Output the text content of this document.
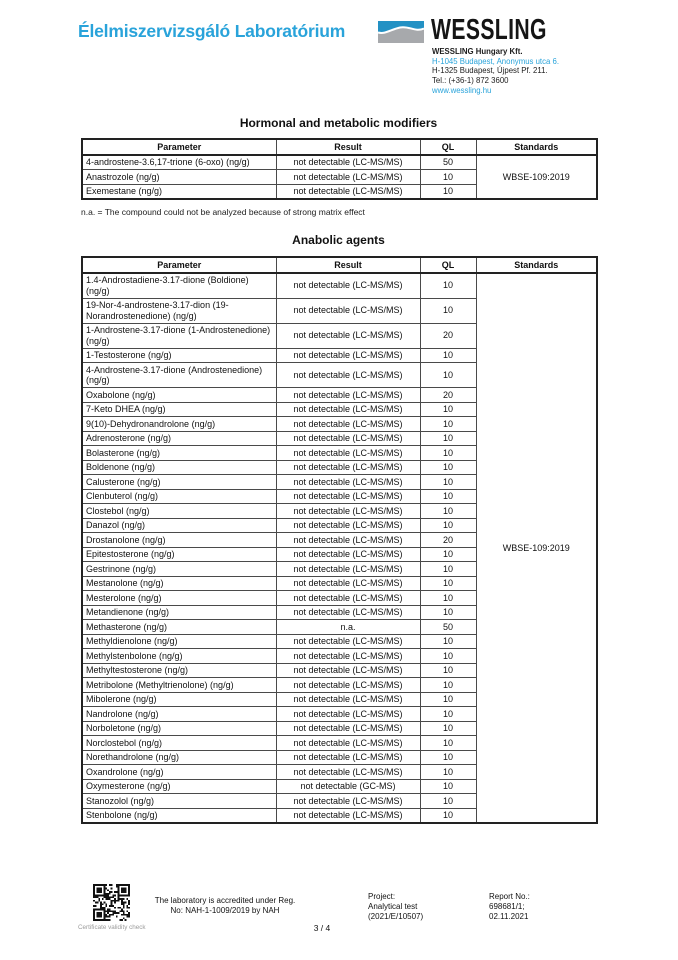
Élelmiszervizsgáló Laboratórium	WESSLING
WESSLING Hungary Kft.
H-1045 Budapest, Anonymus utca 6.
H-1325 Budapest, Újpest Pf. 211.
Tel.: (+36-1) 872 3600
www.wessling.hu
Hormonal and metabolic modifiers
Parameter	Result	QL	Standards
4-androstene-3.6,17-trione (6-oxo) (ng/g)	not detectable (LC-MS/MS)	50	WBSE-109:2019
Anastrozole (ng/g)	not detectable (LC-MS/MS)	10	
Exemestane (ng/g)	not detectable (LC-MS/MS)	10	
n.a. = The compound could not be analyzed because of strong matrix effect
Anabolic agents
Parameter	Result	QL	Standards
1.4-Androstadiene-3.17-dione (Boldione) (ng/g)	not detectable (LC-MS/MS)	10	WBSE-109:2019
19-Nor-4-androstene-3.17-dion (19-Norandrostenedione) (ng/g)	not detectable (LC-MS/MS)	10	
1-Androstene-3.17-dione (1-Androstenedione) (ng/g)	not detectable (LC-MS/MS)	20	
1-Testosterone (ng/g)	not detectable (LC-MS/MS)	10	
4-Androstene-3.17-dione (Androstenedione) (ng/g)	not detectable (LC-MS/MS)	10	
Oxabolone (ng/g)	not detectable (LC-MS/MS)	20	
7-Keto DHEA (ng/g)	not detectable (LC-MS/MS)	10	
9(10)-Dehydronandrolone (ng/g)	not detectable (LC-MS/MS)	10	
Adrenosterone (ng/g)	not detectable (LC-MS/MS)	10	
Bolasterone (ng/g)	not detectable (LC-MS/MS)	10	
Boldenone (ng/g)	not detectable (LC-MS/MS)	10	
Calusterone (ng/g)	not detectable (LC-MS/MS)	10	
Clenbuterol (ng/g)	not detectable (LC-MS/MS)	10	
Clostebol (ng/g)	not detectable (LC-MS/MS)	10	
Danazol (ng/g)	not detectable (LC-MS/MS)	10	
Drostanolone (ng/g)	not detectable (LC-MS/MS)	20	
Epitestosterone (ng/g)	not detectable (LC-MS/MS)	10	
Gestrinone (ng/g)	not detectable (LC-MS/MS)	10	
Mestanolone (ng/g)	not detectable (LC-MS/MS)	10	
Mesterolone (ng/g)	not detectable (LC-MS/MS)	10	
Metandienone (ng/g)	not detectable (LC-MS/MS)	10	
Methasterone (ng/g)	n.a.	50	
Methyldienolone (ng/g)	not detectable (LC-MS/MS)	10	
Methylstenbolone (ng/g)	not detectable (LC-MS/MS)	10	
Methyltestosterone (ng/g)	not detectable (LC-MS/MS)	10	
Metribolone (Methyltrienolone) (ng/g)	not detectable (LC-MS/MS)	10	
Mibolerone (ng/g)	not detectable (LC-MS/MS)	10	
Nandrolone (ng/g)	not detectable (LC-MS/MS)	10	
Norboletone (ng/g)	not detectable (LC-MS/MS)	10	
Norclostebol (ng/g)	not detectable (LC-MS/MS)	10	
Norethandrolone (ng/g)	not detectable (LC-MS/MS)	10	
Oxandrolone (ng/g)	not detectable (LC-MS/MS)	10	
Oxymesterone (ng/g)	not detectable (GC-MS)	10	
Stanozolol (ng/g)	not detectable (LC-MS/MS)	10	
Stenbolone (ng/g)	not detectable (LC-MS/MS)	10	
Certificate validity check
The laboratory is accredited under Reg.
No: NAH-1-1009/2019 by NAH
3 / 4
Project:
Analytical test
(2021/E/10507)
Report No.:
698681/1;
02.11.2021
